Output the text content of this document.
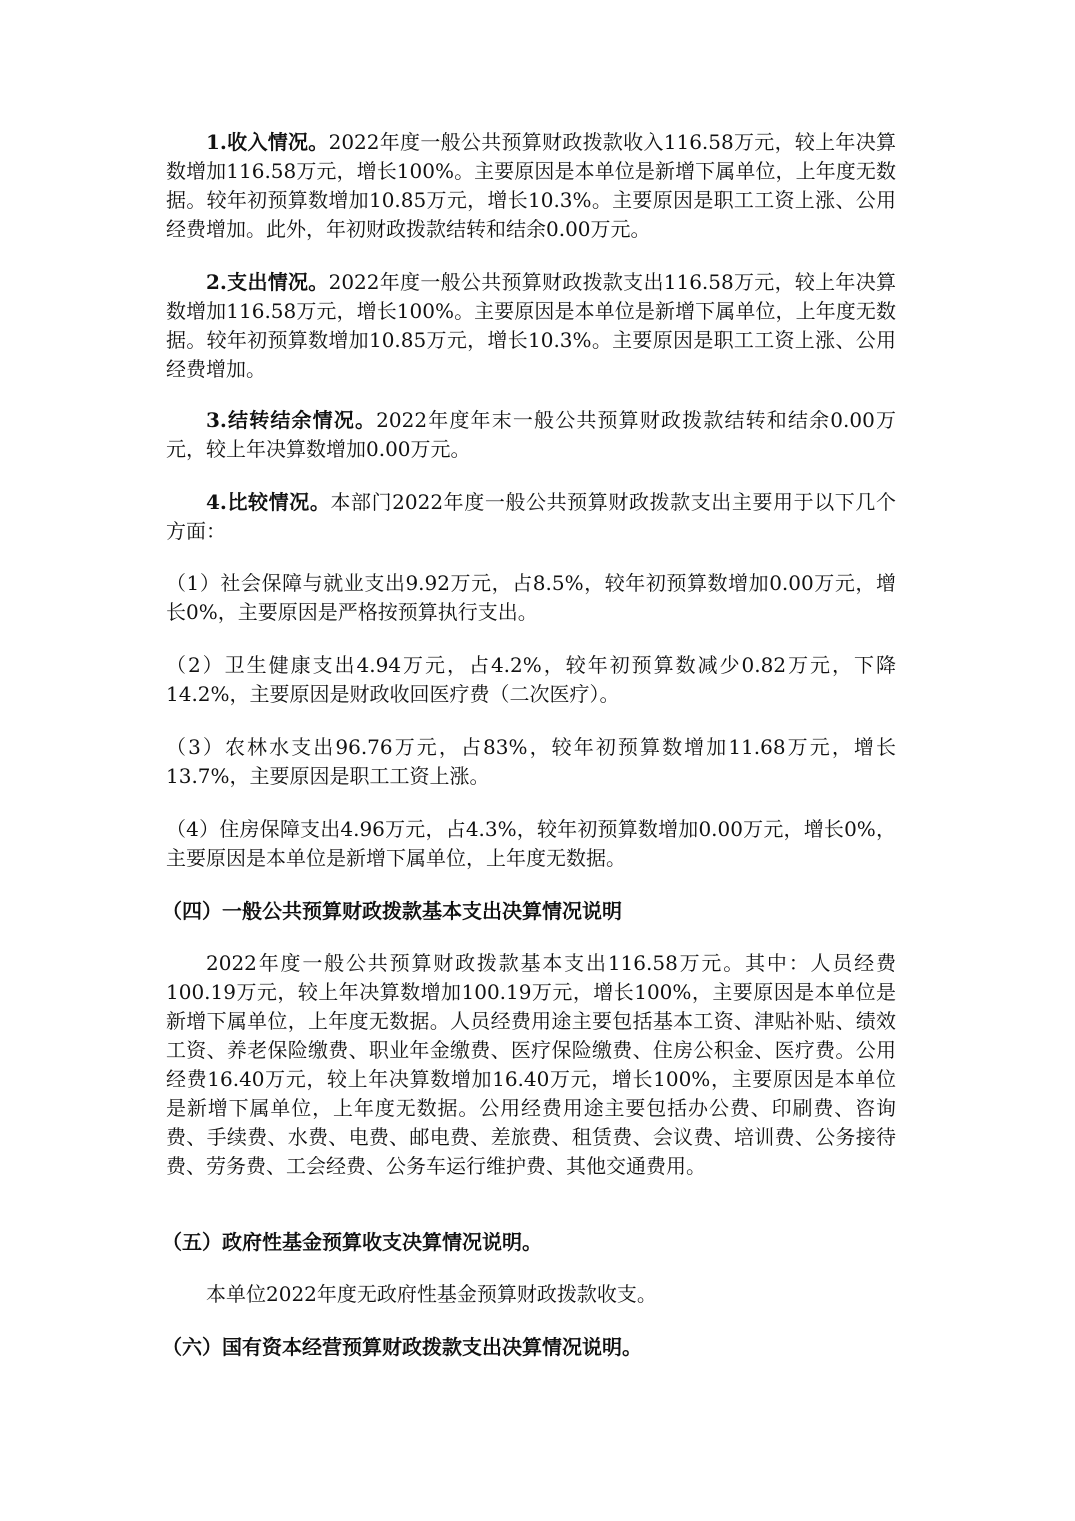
1.收入情况。2022年度一般公共预算财政拨款收入116.58万元，较上年决算数增加116.58万元，增长100%。主要原因是本单位是新增下属单位，上年度无数据。较年初预算数增加10.85万元，增长10.3%。主要原因是职工工资上涨、公用经费增加。此外，年初财政拨款结转和结余0.00万元。

2.支出情况。2022年度一般公共预算财政拨款支出116.58万元，较上年决算数增加116.58万元，增长100%。主要原因是本单位是新增下属单位，上年度无数据。较年初预算数增加10.85万元，增长10.3%。主要原因是职工工资上涨、公用经费增加。

3.结转结余情况。2022年度年末一般公共预算财政拨款结转和结余0.00万元，较上年决算数增加0.00万元。

4.比较情况。本部门2022年度一般公共预算财政拨款支出主要用于以下几个方面：

（1）社会保障与就业支出9.92万元，占8.5%，较年初预算数增加0.00万元，增长0%，主要原因是严格按预算执行支出。

（2）卫生健康支出4.94万元，占4.2%，较年初预算数减少0.82万元，下降14.2%，主要原因是财政收回医疗费（二次医疗）。

（3）农林水支出96.76万元，占83%，较年初预算数增加11.68万元，增长13.7%，主要原因是职工工资上涨。

（4）住房保障支出4.96万元，占4.3%，较年初预算数增加0.00万元，增长0%，主要原因是本单位是新增下属单位，上年度无数据。

（四）一般公共预算财政拨款基本支出决算情况说明

2022年度一般公共预算财政拨款基本支出116.58万元。其中：人员经费100.19万元，较上年决算数增加100.19万元，增长100%，主要原因是本单位是新增下属单位，上年度无数据。人员经费用途主要包括基本工资、津贴补贴、绩效工资、养老保险缴费、职业年金缴费、医疗保险缴费、住房公积金、医疗费。公用经费16.40万元，较上年决算数增加16.40万元，增长100%，主要原因是本单位是新增下属单位，上年度无数据。公用经费用途主要包括办公费、印刷费、咨询费、手续费、水费、电费、邮电费、差旅费、租赁费、会议费、培训费、公务接待费、劳务费、工会经费、公务车运行维护费、其他交通费用。

（五）政府性基金预算收支决算情况说明。

本单位2022年度无政府性基金预算财政拨款收支。

（六）国有资本经营预算财政拨款支出决算情况说明。
